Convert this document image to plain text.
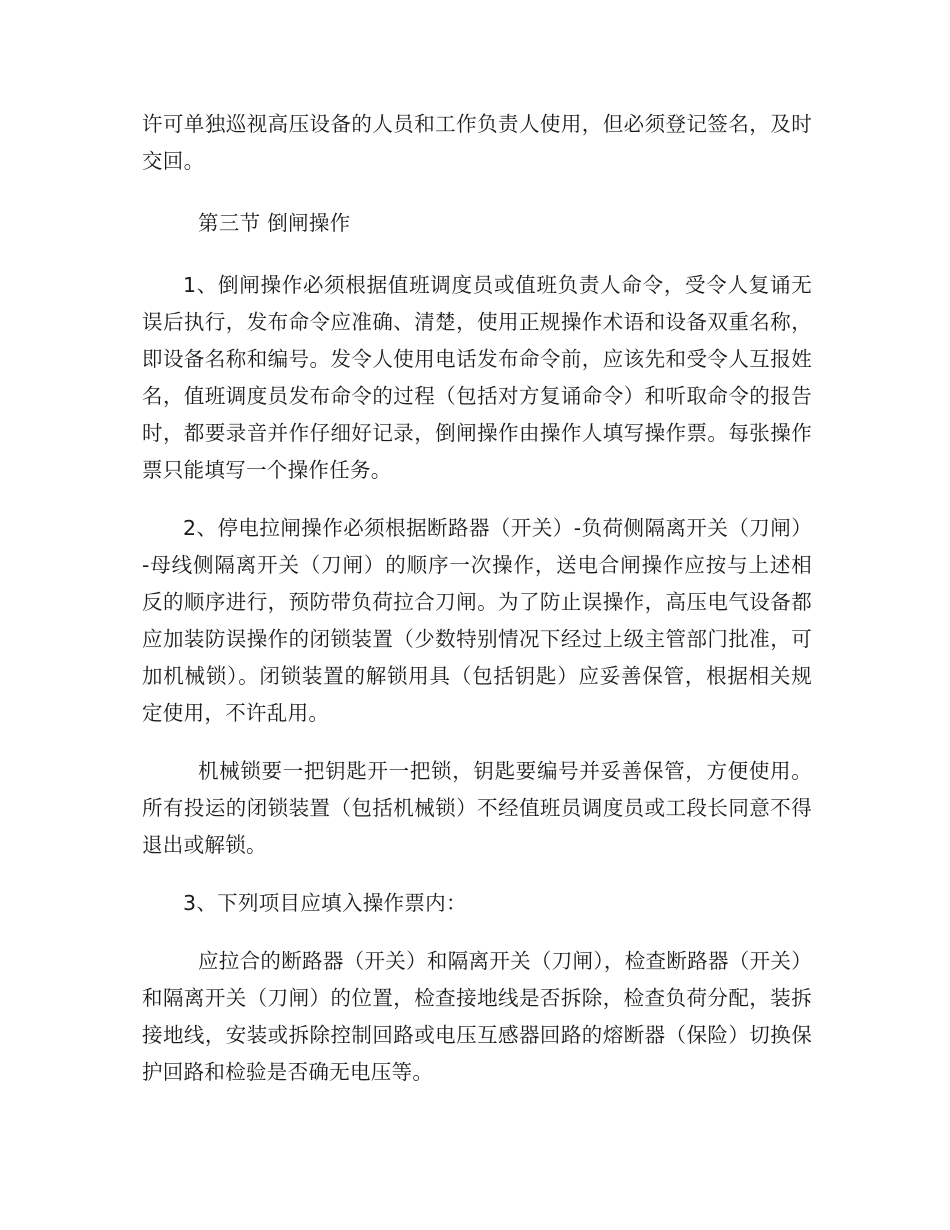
许可单独巡视高压设备的人员和工作负责人使用，但必须登记签名，及时交回。

第三节 倒闸操作

1、倒闸操作必须根据值班调度员或值班负责人命令，受令人复诵无误后执行，发布命令应准确、清楚，使用正规操作术语和设备双重名称，即设备名称和编号。发令人使用电话发布命令前，应该先和受令人互报姓名，值班调度员发布命令的过程（包括对方复诵命令）和听取命令的报告时，都要录音并作仔细好记录，倒闸操作由操作人填写操作票。每张操作票只能填写一个操作任务。

2、停电拉闸操作必须根据断路器（开关）-负荷侧隔离开关（刀闸）-母线侧隔离开关（刀闸）的顺序一次操作，送电合闸操作应按与上述相反的顺序进行，预防带负荷拉合刀闸。为了防止误操作，高压电气设备都应加装防误操作的闭锁装置（少数特别情况下经过上级主管部门批准，可加机械锁）。闭锁装置的解锁用具（包括钥匙）应妥善保管，根据相关规定使用，不许乱用。

机械锁要一把钥匙开一把锁，钥匙要编号并妥善保管，方便使用。所有投运的闭锁装置（包括机械锁）不经值班员调度员或工段长同意不得退出或解锁。

3、下列项目应填入操作票内：

应拉合的断路器（开关）和隔离开关（刀闸），检查断路器（开关）和隔离开关（刀闸）的位置，检查接地线是否拆除，检查负荷分配，装拆接地线，安装或拆除控制回路或电压互感器回路的熔断器（保险）切换保护回路和检验是否确无电压等。
